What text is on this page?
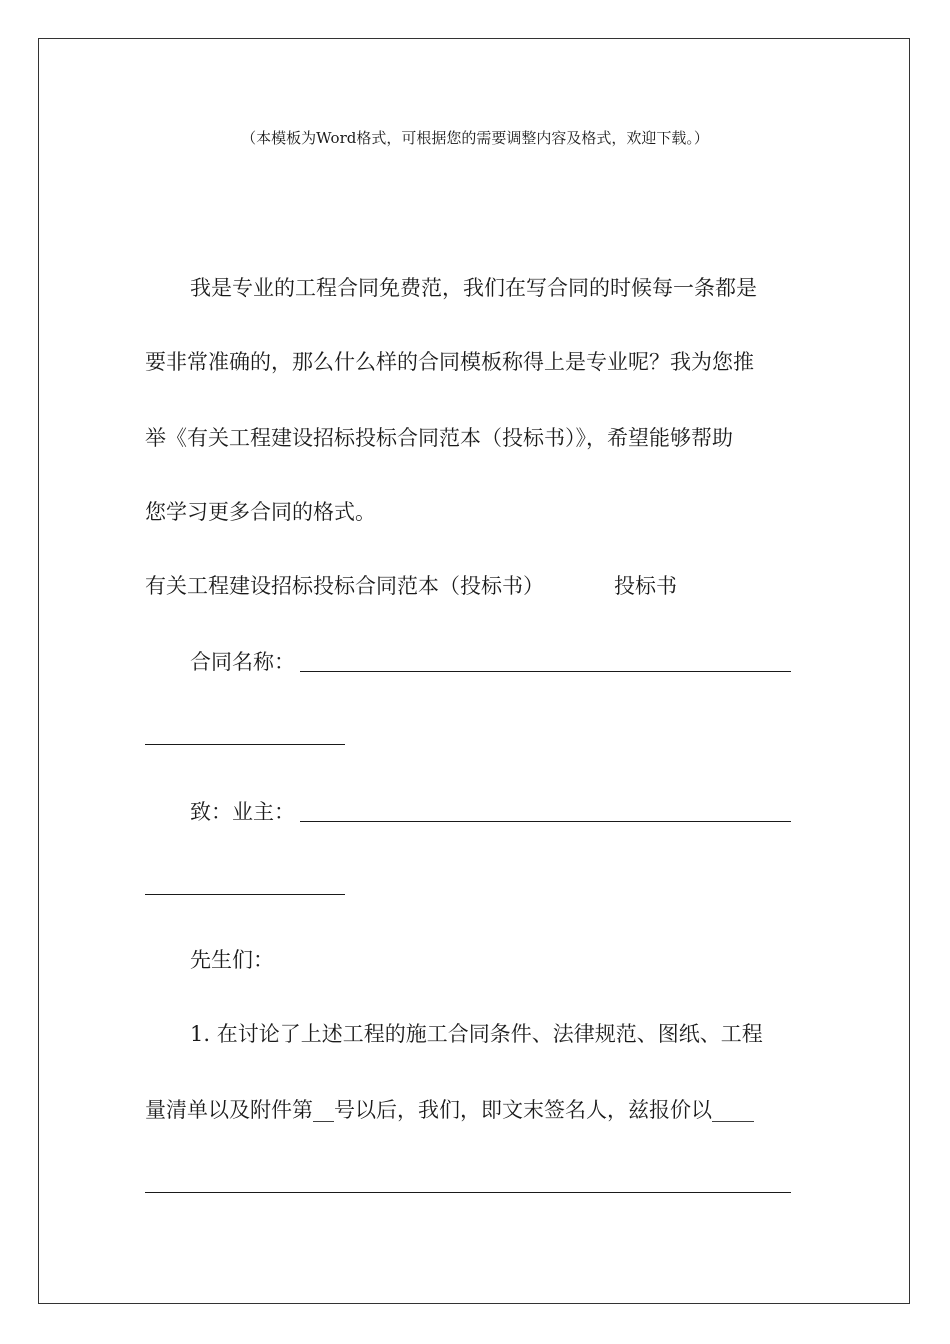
（本模板为Word格式，可根据您的需要调整内容及格式，欢迎下载。）
我是专业的工程合同免费范，我们在写合同的时候每一条都是
要非常准确的，那么什么样的合同模板称得上是专业呢？我为您推
举《有关工程建设招标投标合同范本（投标书）》，希望能够帮助
您学习更多合同的格式。
有关工程建设招标投标合同范本（投标书）	投标书
合同名称：
致：业主：
先生们：
1. 在讨论了上述工程的施工合同条件、法律规范、图纸、工程
量清单以及附件第__号以后，我们，即文末签名人，兹报价以____
